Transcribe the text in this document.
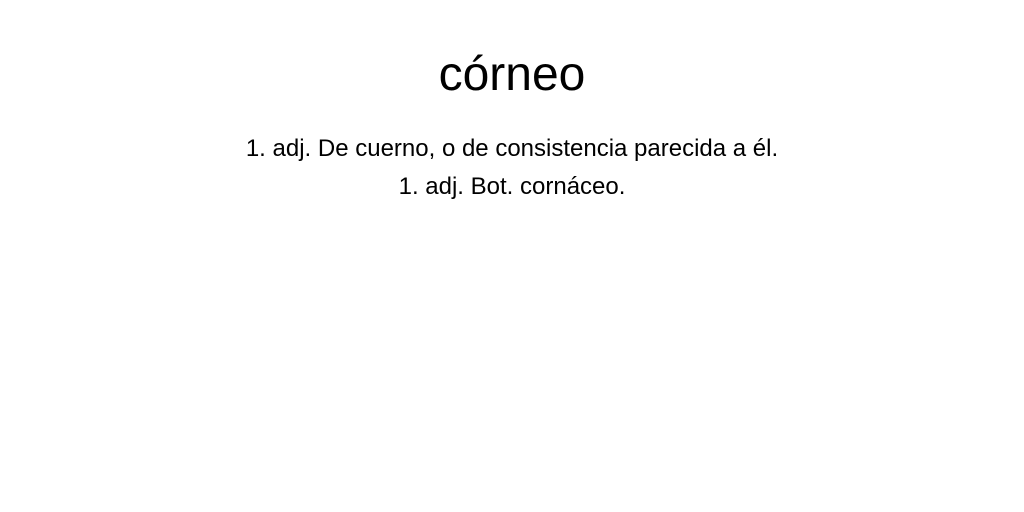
córneo
1. adj. De cuerno, o de consistencia parecida a él.
1. adj. Bot. cornáceo.
